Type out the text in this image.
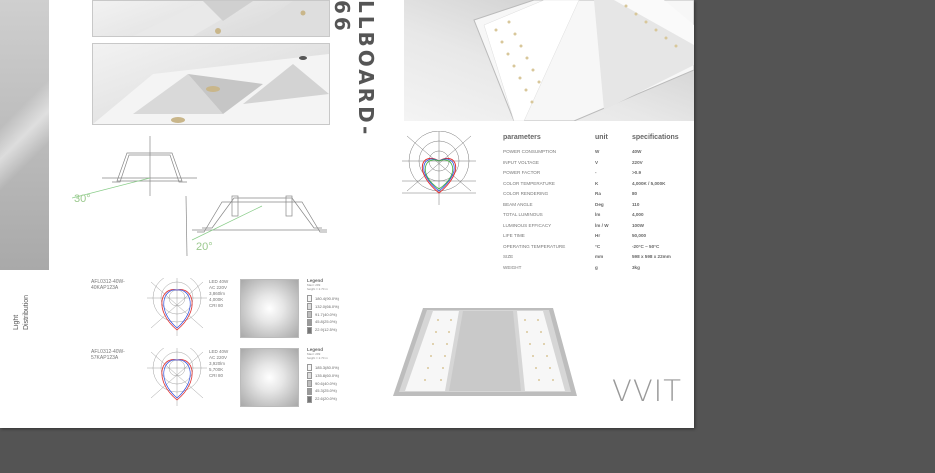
Light Distribution
30°
20°
LLBOARD-66
parameters	unit	specifications
POWER CONSUMPTION	W	40W
INPUT VOLTAGE	V	220V
POWER FACTOR	-	>0.9
COLOR TEMPERATURE	K	4,000K / 5,000K
COLOR RENDERING	Ra	80
BEAM ANGLE	Deg	110
TOTAL LUMINOUS	lm	4,000
LUMINOUS EFFICACY	lm / W	100W
LIFE TIME	Hr	50,000
OPERATING TEMPERATURE	°C	-20°C ~ 50°C
SIZE	mm	598 x 598 x 22mm
WEIGHT	g	3kg
AFL0312-40W-
40KAP123A
LED 40W
AC 220V
3,860lm
4,000K
CRI 80
Legend
Max= 299
height = 2.70 m
180.4(90.0%)
132.0(66.0%)
91.7(40.0%)
45.8(25.0%)
22.9(12.5%)
AFL0312-40W-
57KAP123A
LED 40W
AC 220V
3,920lm
5,700K
CRI 80
Legend
Max= 299
height = 2.70 m
185.3(80.0%)
135.8(60.0%)
90.6(40.0%)
45.3(25.0%)
22.6(20.0%)	VVIT
